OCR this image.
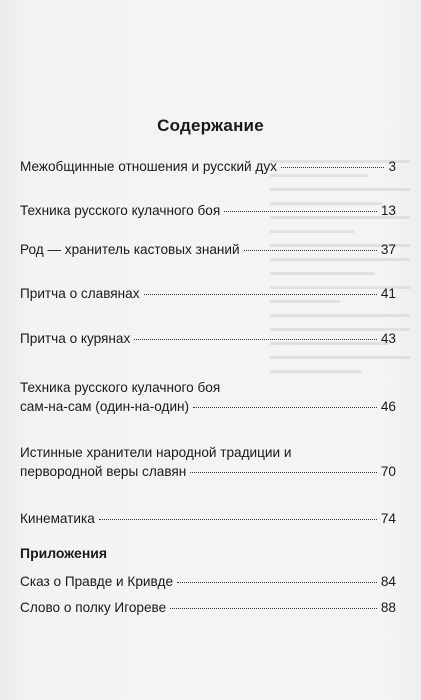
Содержание
Межобщинные отношения и русский дух	3
Техника русского кулачного боя	13
Род — хранитель кастовых знаний	37
Притча о славянах	41
Притча о курянах	43
Техника русского кулачного боя
сам-на-сам (один-на-один)	46
Истинные хранители народной традиции и
первородной веры славян	70
Кинематика	74
Сказ о Правде и Кривде	84
Слово о полку Игореве	88
Приложения
